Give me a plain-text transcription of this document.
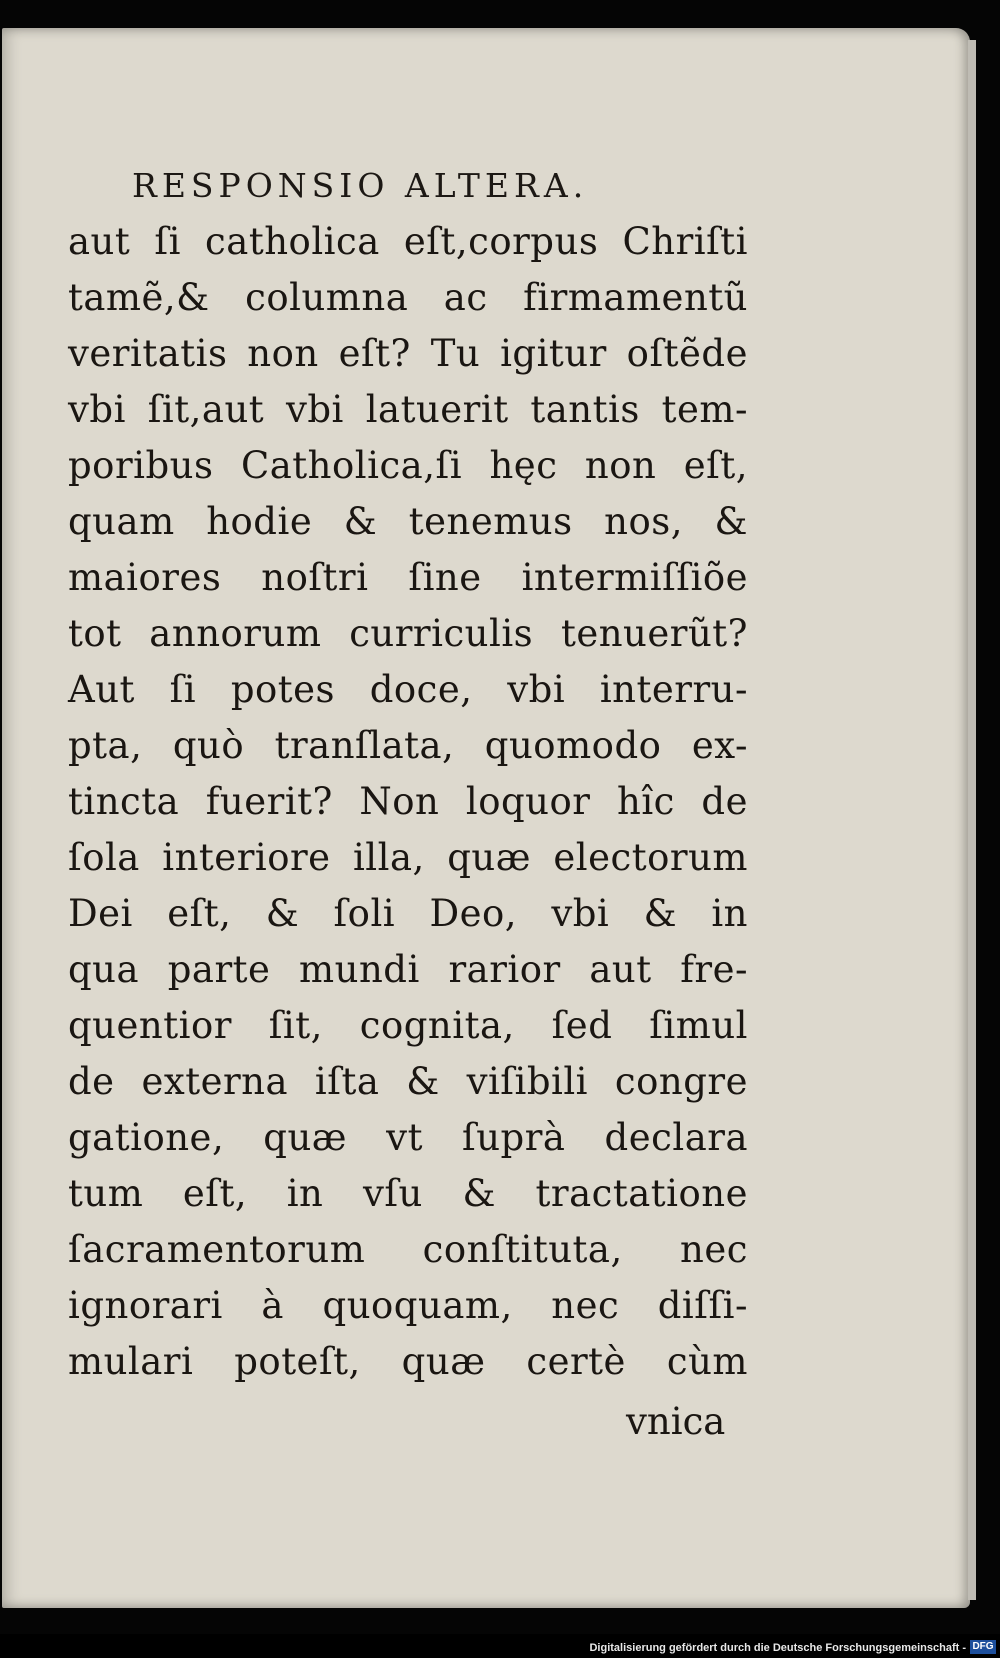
RESPONSIO ALTERA.
aut ſi catholica eſt,corpus Chriſti
tamẽ,& columna ac firmamentũ
veritatis non eſt? Tu igitur oſtẽde
vbi ſit,aut vbi latuerit tantis tem-
poribus Catholica,ſi hęc non eſt,
quam hodie & tenemus nos, &
maiores noſtri ſine intermiſſiõe
tot annorum curriculis tenuerũt?
Aut ſi potes doce, vbi interru-
pta, quò tranſlata, quomodo ex-
tincta fuerit? Non loquor hîc de
ſola interiore illa, quæ electorum
Dei eſt, & ſoli Deo, vbi & in
qua parte mundi rarior aut fre-
quentior ſit, cognita, ſed ſimul
de externa iſta & viſibili congre
gatione, quæ vt ſuprà declara
tum eſt, in vſu & tractatione
ſacramentorum conſtituta, nec
ignorari à quoquam, nec diſſi-
mulari poteſt, quæ certè cùm
vnica
Digitalisierung gefördert durch die Deutsche Forschungsgemeinschaft - DFG
